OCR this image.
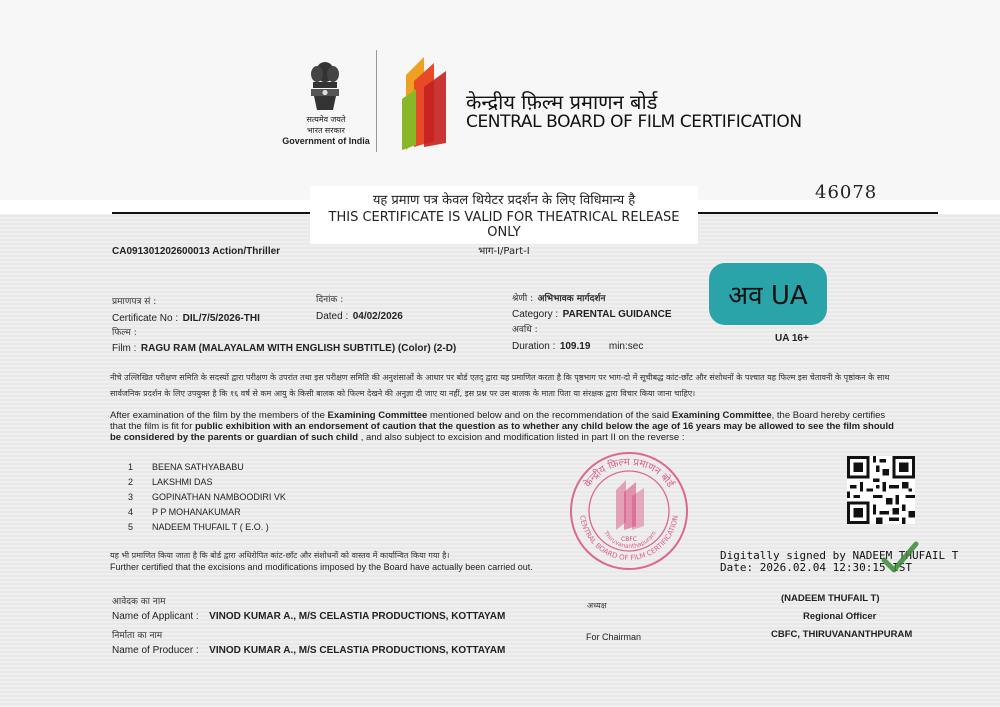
सत्यमेव जयते
भारत सरकार
Government of India
केन्द्रीय फ़िल्म प्रमाणन बोर्ड
CENTRAL BOARD OF FILM CERTIFICATION
यह प्रमाण पत्र केवल थियेटर प्रदर्शन के लिए विधिमान्य है
THIS CERTIFICATE IS VALID FOR THEATRICAL RELEASE ONLY
भाग-I/Part-I
46078
CA091301202600013 Action/Thriller
प्रमाणपत्र सं :
Certificate No : DIL/7/5/2026-THI
दिनांक :
Dated : 04/02/2026
श्रेणी : अभिभावक मार्गदर्शन
Category : PARENTAL GUIDANCE
फिल्म :
Film : RAGU RAM (MALAYALAM WITH ENGLISH SUBTITLE) (Color) (2-D)
अवधि :
Duration : 109.19 min:sec
अव UA
UA 16+
नीचे उल्लिखित परीक्षण समिति के सदस्यों द्वारा परीक्षण के उपरांत तथा इस परीक्षण समिति की अनुशंसाओं के आधार पर बोर्ड एतद् द्वारा यह प्रमाणित करता है कि पृष्ठभाग पर भाग-दो में सूचीबद्ध कांट-छाँट और संशोधनों के पश्चात यह फिल्म इस चेतावनी के पृष्ठांकन के साथ सार्वजनिक प्रदर्शन के लिए उपयुक्त है कि १६ वर्ष से कम आयु के किसी बालक को फिल्म देखने की अनुज्ञा दी जाए या नहीं, इस प्रश्न पर उस बालक के माता पिता या संरक्षक द्वारा विचार किया जाना चाहिए।
After examination of the film by the members of the Examining Committee mentioned below and on the recommendation of the said Examining Committee, the Board hereby certifies that the film is fit for public exhibition with an endorsement of caution that the question as to whether any child below the age of 16 years may be allowed to see the film should be considered by the parents or guardian of such child , and also subject to excision and modification listed in part II on the reverse :
1 BEENA SATHYABABU
2 LAKSHMI DAS
3 GOPINATHAN NAMBOODIRI VK
4 P P MOHANAKUMAR
5 NADEEM THUFAIL T ( E.O. )
केन्द्रीय फ़िल्म प्रमाणन बोर्ड
CENTRAL BOARD OF FILM CERTIFICATION
Thiruvananthapuram
CBFC
यह भी प्रमाणित किया जाता है कि बोर्ड द्वारा अधिरोपित कांट-छाँट और संशोधनों को वास्तव में कार्यान्वित किया गया है।
Further certified that the excisions and modifications imposed by the Board have actually been carried out.
Digitally signed by NADEEM THUFAIL T
Date: 2026.02.04 12:30:15 IST
आवेदक का नाम
Name of Applicant : VINOD KUMAR A., M/S CELASTIA PRODUCTIONS, KOTTAYAM
निर्माता का नाम
Name of Producer : VINOD KUMAR A., M/S CELASTIA PRODUCTIONS, KOTTAYAM
अध्यक्ष
For Chairman
(NADEEM THUFAIL T)
Regional Officer
CBFC, THIRUVANANTHPURAM
